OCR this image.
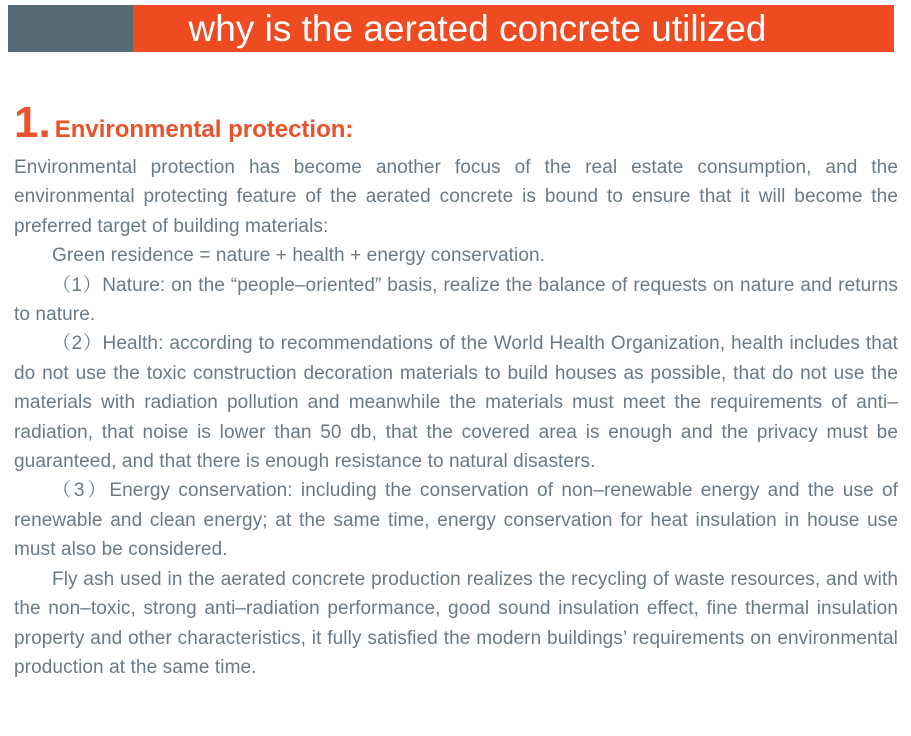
why is the aerated concrete utilized
1. Environmental protection:

Environmental protection has become another focus of the real estate consumption, and the environmental protecting feature of the aerated concrete is bound to ensure that it will become the preferred target of building materials:

Green residence = nature + health + energy conservation.

（1）Nature: on the “people–oriented” basis, realize the balance of requests on nature and returns to nature.

（2）Health: according to recommendations of the World Health Organization, health includes that do not use the toxic construction decoration materials to build houses as possible, that do not use the materials with radiation pollution and meanwhile the materials must meet the requirements of anti–radiation, that noise is lower than 50 db, that the covered area is enough and the privacy must be guaranteed, and that there is enough resistance to natural disasters.

（3）Energy conservation: including the conservation of non–renewable energy and the use of renewable and clean energy; at the same time, energy conservation for heat insulation in house use must also be considered.

Fly ash used in the aerated concrete production realizes the recycling of waste resources, and with the non–toxic, strong anti–radiation performance, good sound insulation effect, fine thermal insulation property and other characteristics, it fully satisfied the modern buildings’ requirements on environmental production at the same time.
